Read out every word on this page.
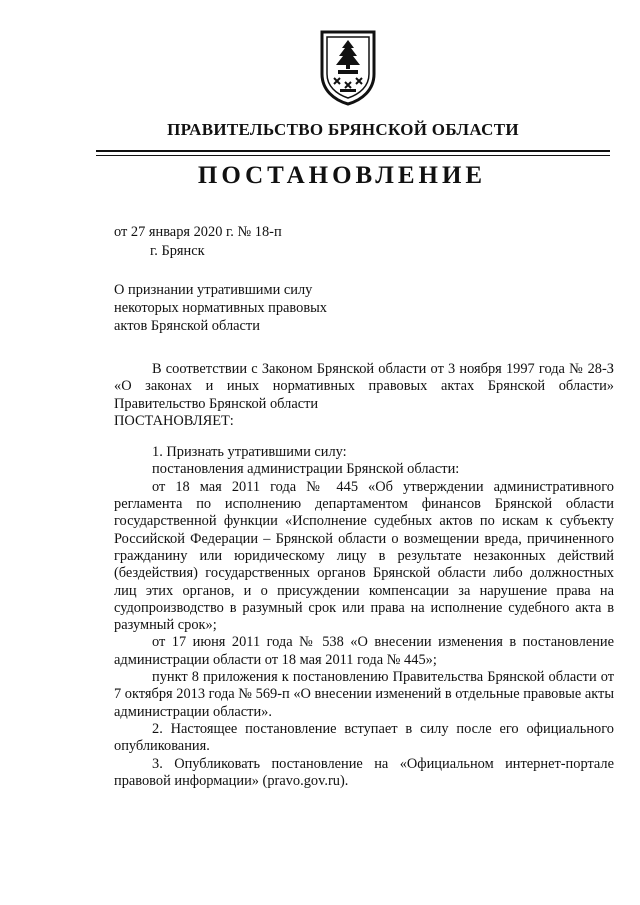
ПРАВИТЕЛЬСТВО БРЯНСКОЙ ОБЛАСТИ
ПОСТАНОВЛЕНИЕ

от 27 января 2020 г. № 18-п

г. Брянск

О признании утратившими силу

некоторых нормативных правовых

актов Брянской области

В соответствии с Законом Брянской области от 3 ноября 1997 года № 28-З «О законах и иных нормативных правовых актах Брянской области» Правительство Брянской области

ПОСТАНОВЛЯЕТ:

1. Признать утратившими силу:

постановления администрации Брянской области:

от 18 мая 2011 года № 445 «Об утверждении административного регламента по исполнению департаментом финансов Брянской области государственной функции «Исполнение судебных актов по искам к субъекту Российской Федерации – Брянской области о возмещении вреда, причиненного гражданину или юридическому лицу в результате незаконных действий (бездействия) государственных органов Брянской области либо должностных лиц этих органов, и о присуждении компенсации за нарушение права на судопроизводство в разумный срок или права на исполнение судебного акта в разумный срок»;

от 17 июня 2011 года № 538 «О внесении изменения в постановление администрации области от 18 мая 2011 года № 445»;

пункт 8 приложения к постановлению Правительства Брянской области от 7 октября 2013 года № 569-п «О внесении изменений в отдельные правовые акты администрации области».

2. Настоящее постановление вступает в силу после его официального опубликования.

3. Опубликовать постановление на «Официальном интернет-портале правовой информации» (pravo.gov.ru).
